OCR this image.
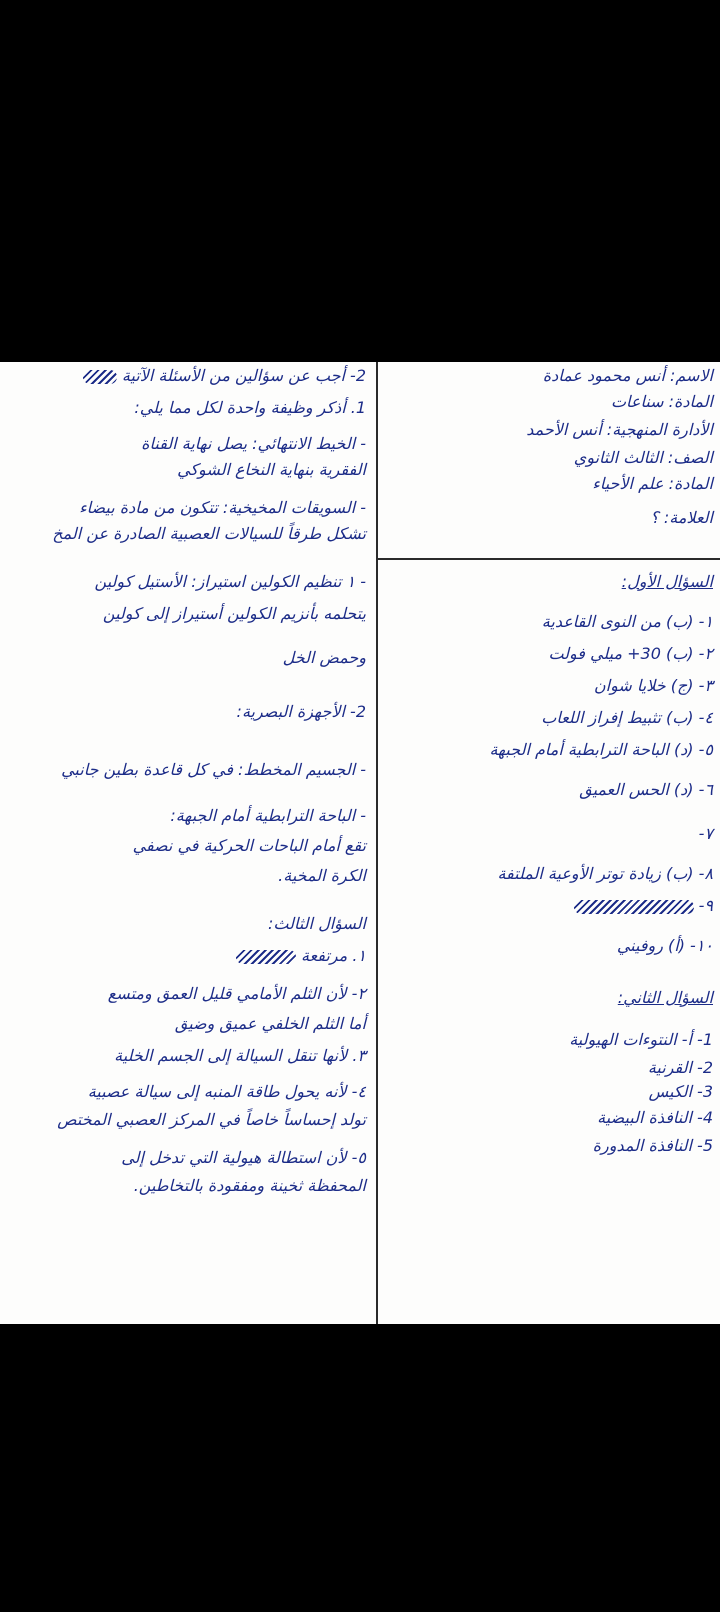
الاسم: أنس محمود عمادة
المادة: سناعات
الأدارة المنهجية: أنس الأحمد
الصف: الثالث الثانوي
المادة: علم الأحياء
العلامة: ؟
السؤال الأول:
١- (ب) من النوى القاعدية
٢- (ب) 30+ ميلي فولت
٣- (ج) خلايا شوان
٤- (ب) تثبيط إفراز اللعاب
٥- (د) الباحة الترابطية أمام الجبهة
٦- (د) الحس العميق
٧-
٨- (ب) زيادة توتر الأوعية الملتفة
٩-
١٠- (أ) روفيني
السؤال الثاني:
1- أ- النتوءات الهيولية
2- القرنية
3- الكيس
4- النافذة البيضية
5- النافذة المدورة
2- أجب عن سؤالين من الأسئلة الآتية
1. أذكر وظيفة واحدة لكل مما يلي:
- الخيط الانتهائي: يصل نهاية القناة
الفقرية بنهاية النخاع الشوكي
- السويقات المخيخية: تتكون من مادة بيضاء
تشكل طرقاً للسيالات العصبية الصادرة عن المخ
- ١ تنظيم الكولين استيراز: الأستيل كولين
يتحلمه بأنزيم الكولين أستيراز إلى كولين
وحمض الخل
2- الأجهزة البصرية:
- الجسيم المخطط: في كل قاعدة بطين جانبي
- الباحة الترابطية أمام الجبهة:
تقع أمام الباحات الحركية في نصفي
الكرة المخية.
السؤال الثالث:
١. مرتفعة
٢- لأن الثلم الأمامي قليل العمق ومتسع
أما الثلم الخلفي عميق وضيق
٣. لأنها تنقل السيالة إلى الجسم الخلية
٤- لأنه يحول طاقة المنبه إلى سيالة عصبية
تولد إحساساً خاصاً في المركز العصبي المختص
٥- لأن استطالة هيولية التي تدخل إلى
المحفظة ثخينة ومفقودة بالتخاطين.
